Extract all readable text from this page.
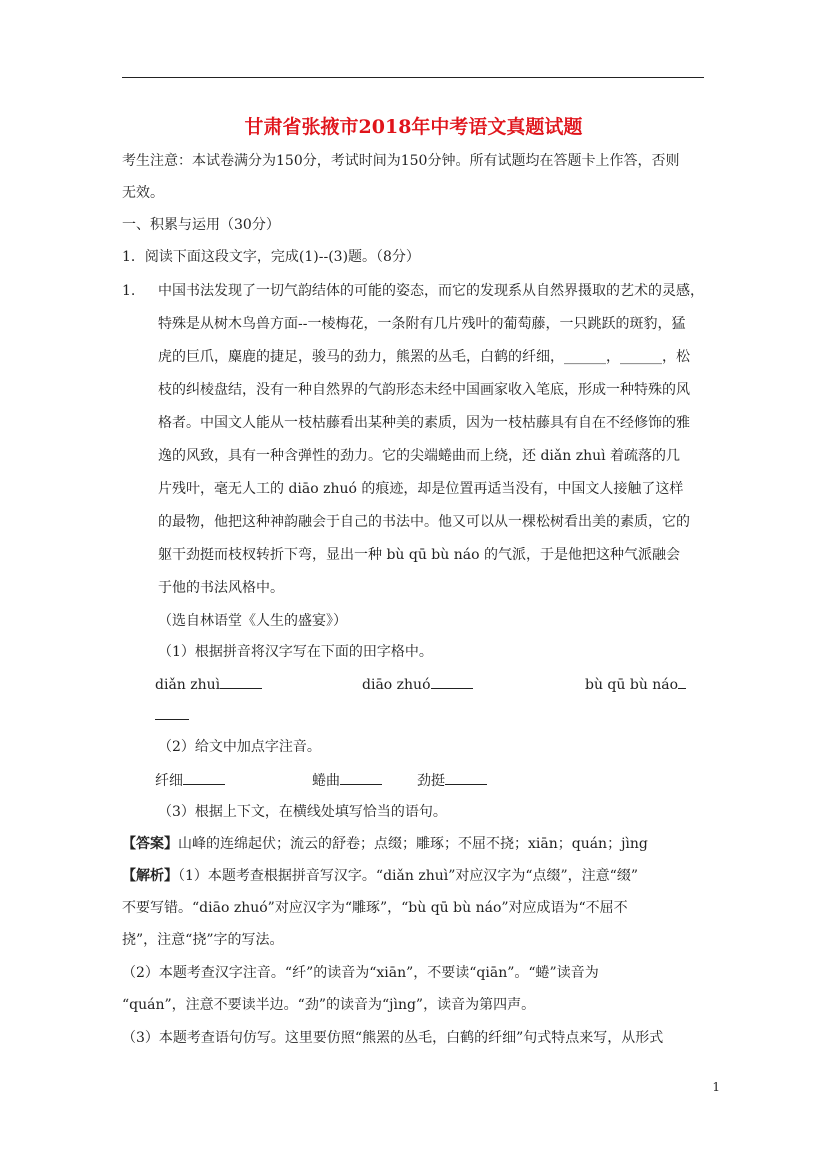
甘肃省张掖市2018年中考语文真题试题
考生注意：本试卷满分为150分，考试时间为150分钟。所有试题均在答题卡上作答，否则
无效。
一、积累与运用（30分）
1．阅读下面这段文字，完成(1)--(3)题。（8分）
1. 中国书法发现了一切气韵结体的可能的姿态，而它的发现系从自然界摄取的艺术的灵感，
特殊是从树木鸟兽方面--一棱梅花，一条附有几片残叶的葡萄藤，一只跳跃的斑豹，猛
虎的巨爪，麋鹿的捷足，骏马的劲力，熊罴的丛毛，白鹤的纤细，______，______，松
枝的纠棱盘结，没有一种自然界的气韵形态未经中国画家收入笔底，形成一种特殊的风
格者。中国文人能从一枝枯藤看出某种美的素质，因为一枝枯藤具有自在不经修饰的雅
逸的风致，具有一种含弹性的劲力。它的尖端蜷曲而上绕，还 diǎn zhuì 着疏落的几
片残叶，毫无人工的 diāo zhuó 的痕迹，却是位置再适当没有，中国文人接触了这样
的最物，他把这种神韵融会于自己的书法中。他又可以从一棵松树看出美的素质，它的
躯干劲挺而枝杈转折下弯，显出一种 bù qū bù náo 的气派，于是他把这种气派融会
于他的书法风格中。
（选自林语堂《人生的盛宴》）
（1）根据拼音将汉字写在下面的田字格中。
diǎn zhuì	diāo zhuó	bù qū bù náo
（2）给文中加点字注音。
纤细	蜷曲	劲挺
（3）根据上下文，在横线处填写恰当的语句。
【答案】山峰的连绵起伏；流云的舒卷；点缀；雕琢；不屈不挠；xiān；quán；jìng
【解析】（1）本题考查根据拼音写汉字。“diǎn zhuì”对应汉字为“点缀”，注意“缀”
不要写错。“diāo zhuó”对应汉字为“雕琢”，“bù qū bù náo”对应成语为“不屈不
挠”，注意“挠”字的写法。
（2）本题考查汉字注音。“纤”的读音为“xiān”，不要读“qiān”。“蜷”读音为
“quán”，注意不要读半边。“劲”的读音为“jìng”，读音为第四声。
（3）本题考查语句仿写。这里要仿照“熊罴的丛毛，白鹤的纤细”句式特点来写，从形式
1
